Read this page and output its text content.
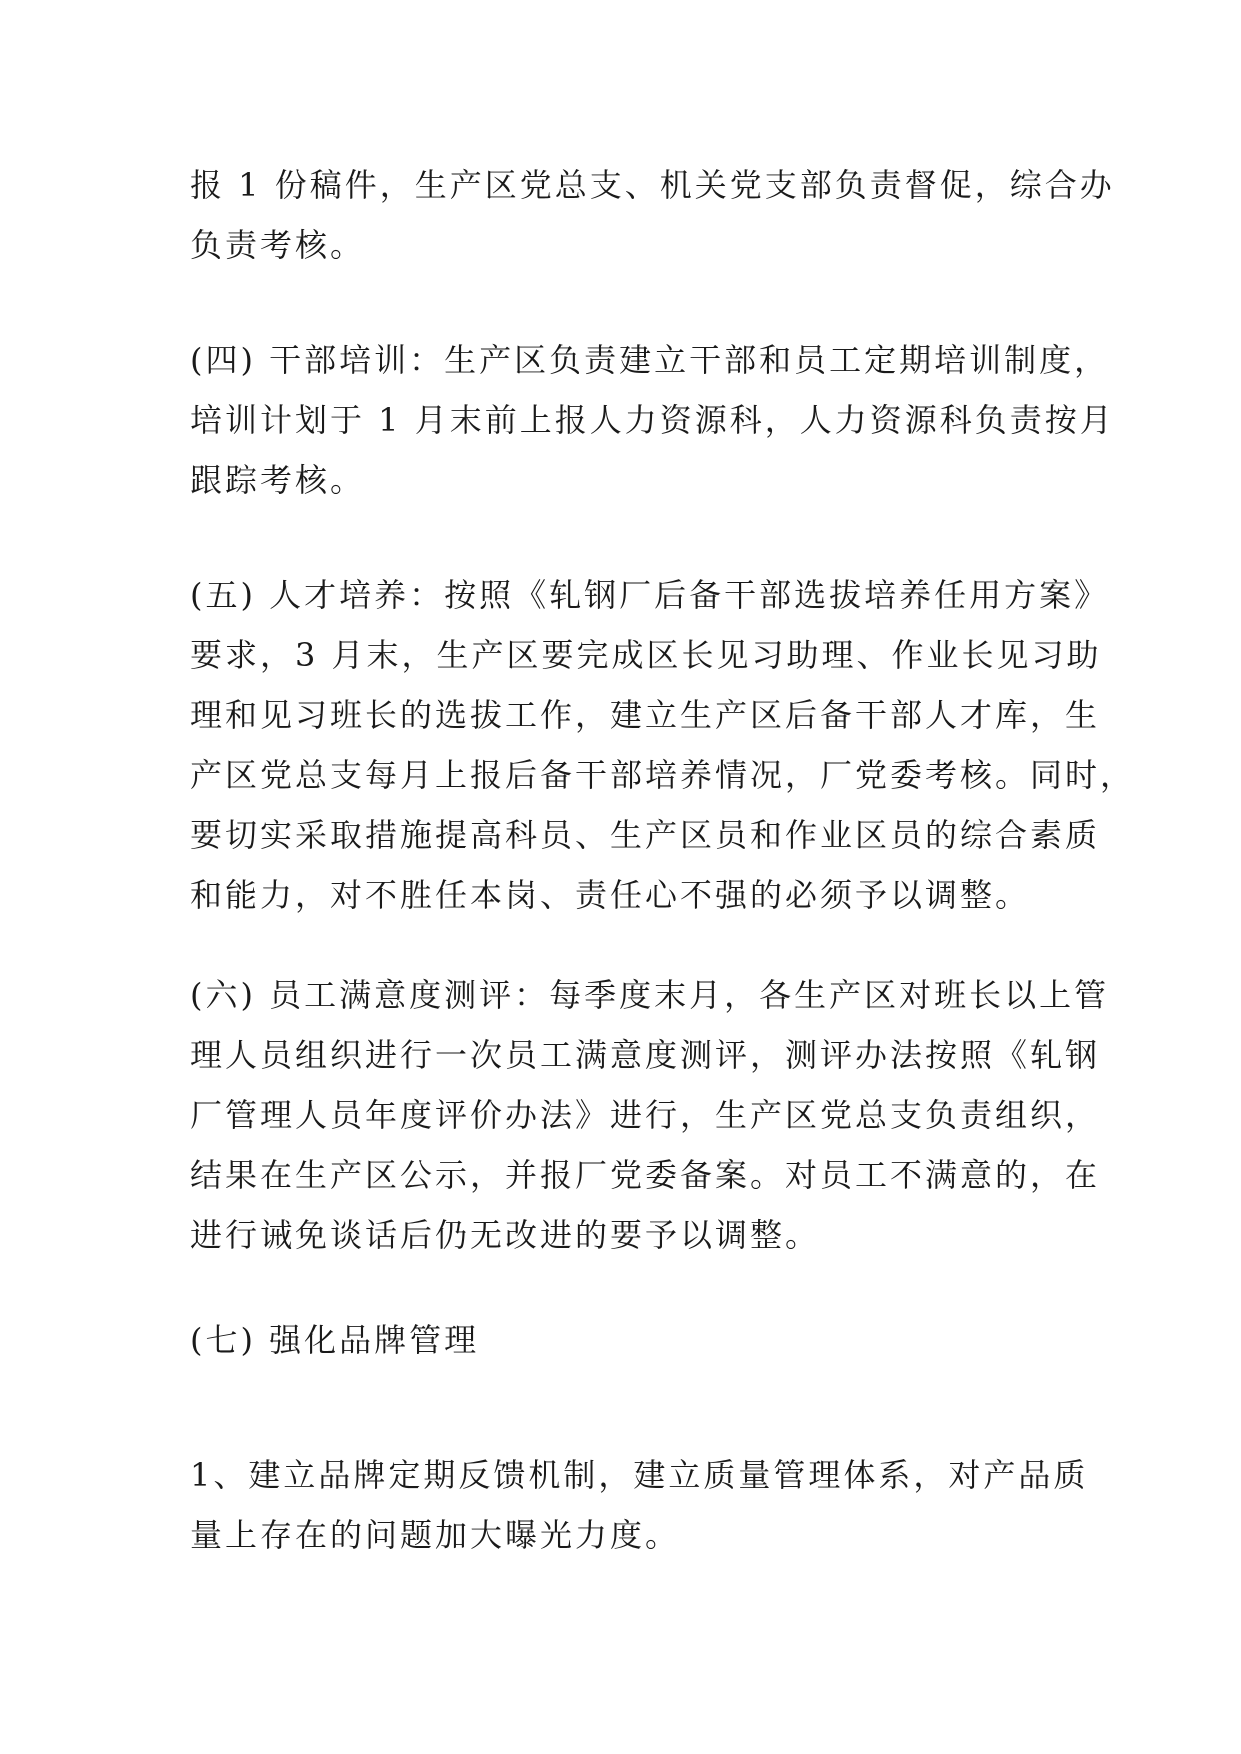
报 1 份稿件，生产区党总支、机关党支部负责督促，综合办
负责考核。
(四) 干部培训：生产区负责建立干部和员工定期培训制度，
培训计划于 1 月末前上报人力资源科，人力资源科负责按月
跟踪考核。
(五) 人才培养：按照《轧钢厂后备干部选拔培养任用方案》
要求，3 月末，生产区要完成区长见习助理、作业长见习助
理和见习班长的选拔工作，建立生产区后备干部人才库，生
产区党总支每月上报后备干部培养情况，厂党委考核。同时，
要切实采取措施提高科员、生产区员和作业区员的综合素质
和能力，对不胜任本岗、责任心不强的必须予以调整。
(六) 员工满意度测评：每季度末月，各生产区对班长以上管
理人员组织进行一次员工满意度测评，测评办法按照《轧钢
厂管理人员年度评价办法》进行，生产区党总支负责组织，
结果在生产区公示，并报厂党委备案。对员工不满意的，在
进行诫免谈话后仍无改进的要予以调整。
(七) 强化品牌管理
1、建立品牌定期反馈机制，建立质量管理体系，对产品质
量上存在的问题加大曝光力度。
